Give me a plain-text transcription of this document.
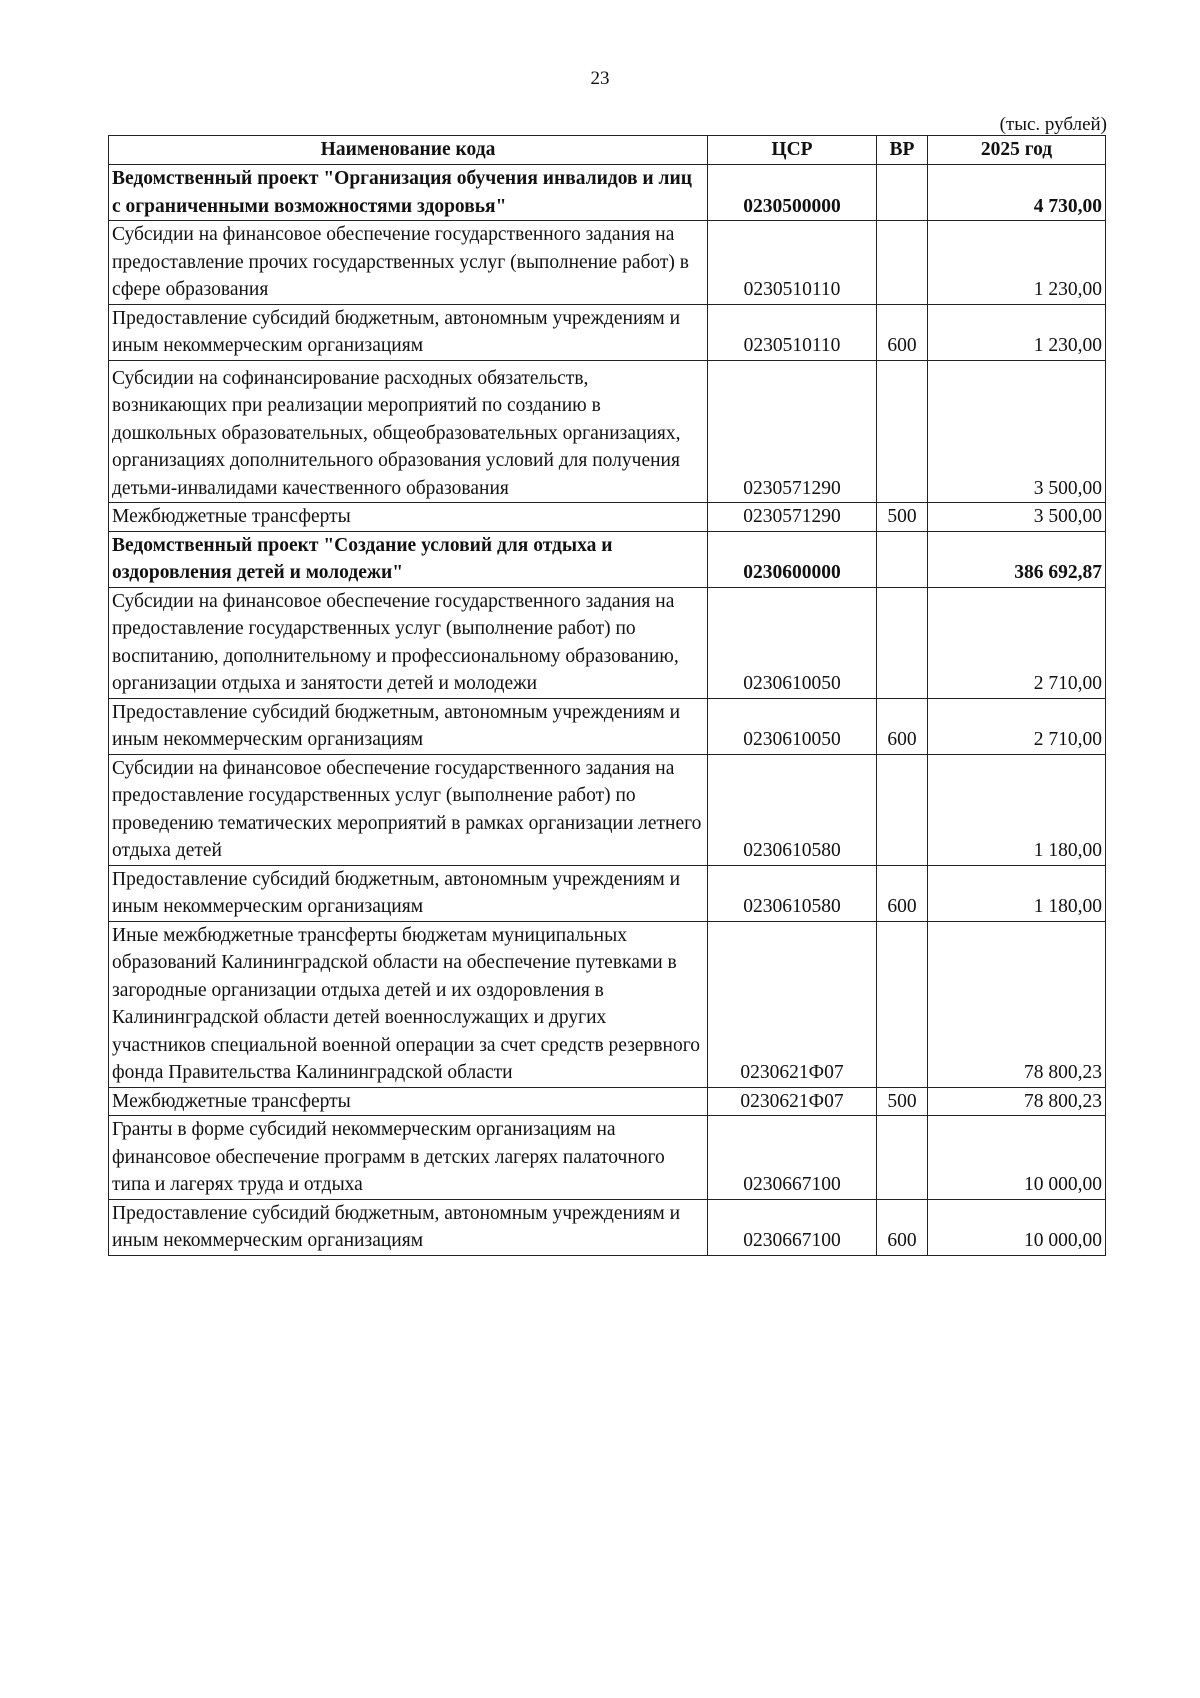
23
(тыс. рублей)
Наименование кода	ЦСР	ВР	2025 год
Ведомственный проект "Организация обучения инвалидов и лиц с ограниченными возможностями здоровья"	0230500000		4 730,00
Субсидии на финансовое обеспечение государственного задания на предоставление прочих государственных услуг (выполнение работ) в сфере образования	0230510110		1 230,00
Предоставление субсидий бюджетным, автономным учреждениям и иным некоммерческим организациям	0230510110	600	1 230,00
Субсидии на софинансирование расходных обязательств, возникающих при реализации мероприятий по созданию в дошкольных образовательных, общеобразовательных организациях, организациях дополнительного образования условий для получения детьми-инвалидами качественного образования	0230571290		3 500,00
Межбюджетные трансферты	0230571290	500	3 500,00
Ведомственный проект "Создание условий для отдыха и оздоровления детей и молодежи"	0230600000		386 692,87
Субсидии на финансовое обеспечение государственного задания на предоставление государственных услуг (выполнение работ) по воспитанию, дополнительному и профессиональному образованию, организации отдыха и занятости детей и молодежи	0230610050		2 710,00
Предоставление субсидий бюджетным, автономным учреждениям и иным некоммерческим организациям	0230610050	600	2 710,00
Субсидии на финансовое обеспечение государственного задания на предоставление государственных услуг (выполнение работ) по проведению тематических мероприятий в рамках организации летнего отдыха детей	0230610580		1 180,00
Предоставление субсидий бюджетным, автономным учреждениям и иным некоммерческим организациям	0230610580	600	1 180,00
Иные межбюджетные трансферты бюджетам муниципальных образований Калининградской области на обеспечение путевками в загородные организации отдыха детей и их оздоровления в Калининградской области детей военнослужащих и других участников специальной военной операции за счет средств резервного фонда Правительства Калининградской области	0230621Ф07		78 800,23
Межбюджетные трансферты	0230621Ф07	500	78 800,23
Гранты в форме субсидий некоммерческим организациям на финансовое обеспечение программ в детских лагерях палаточного типа и лагерях труда и отдыха	0230667100		10 000,00
Предоставление субсидий бюджетным, автономным учреждениям и иным некоммерческим организациям	0230667100	600	10 000,00
